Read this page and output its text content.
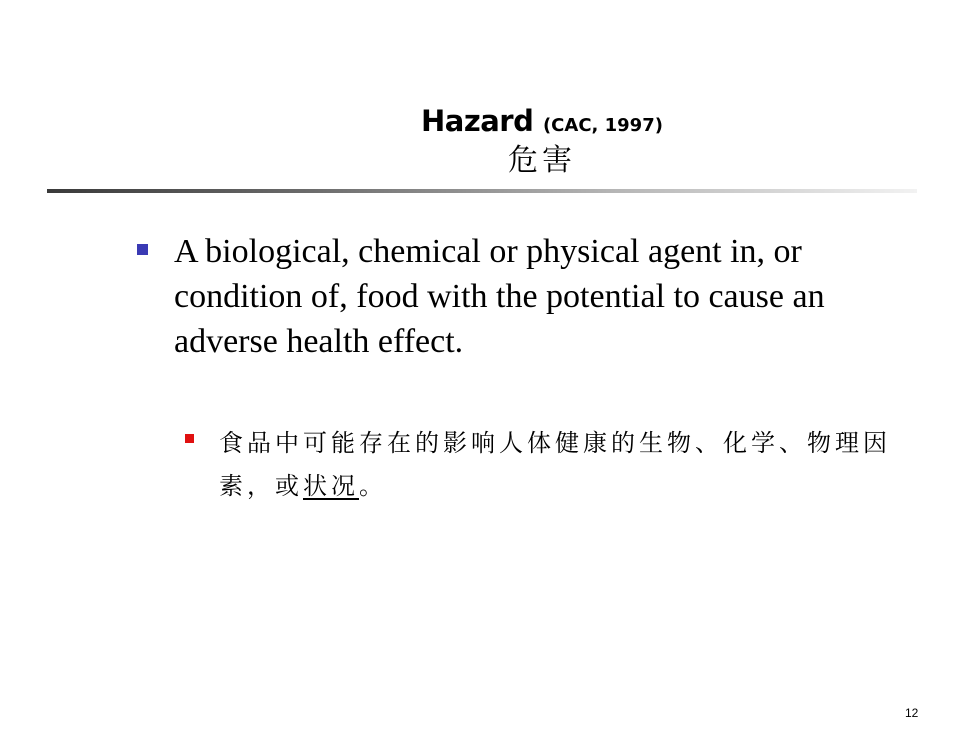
Hazard (CAC, 1997)
危害
A biological, chemical or physical agent in, or condition of, food with the potential to cause an adverse health effect.
食品中可能存在的影响人体健康的生物、化学、物理因素，或状况。
12
